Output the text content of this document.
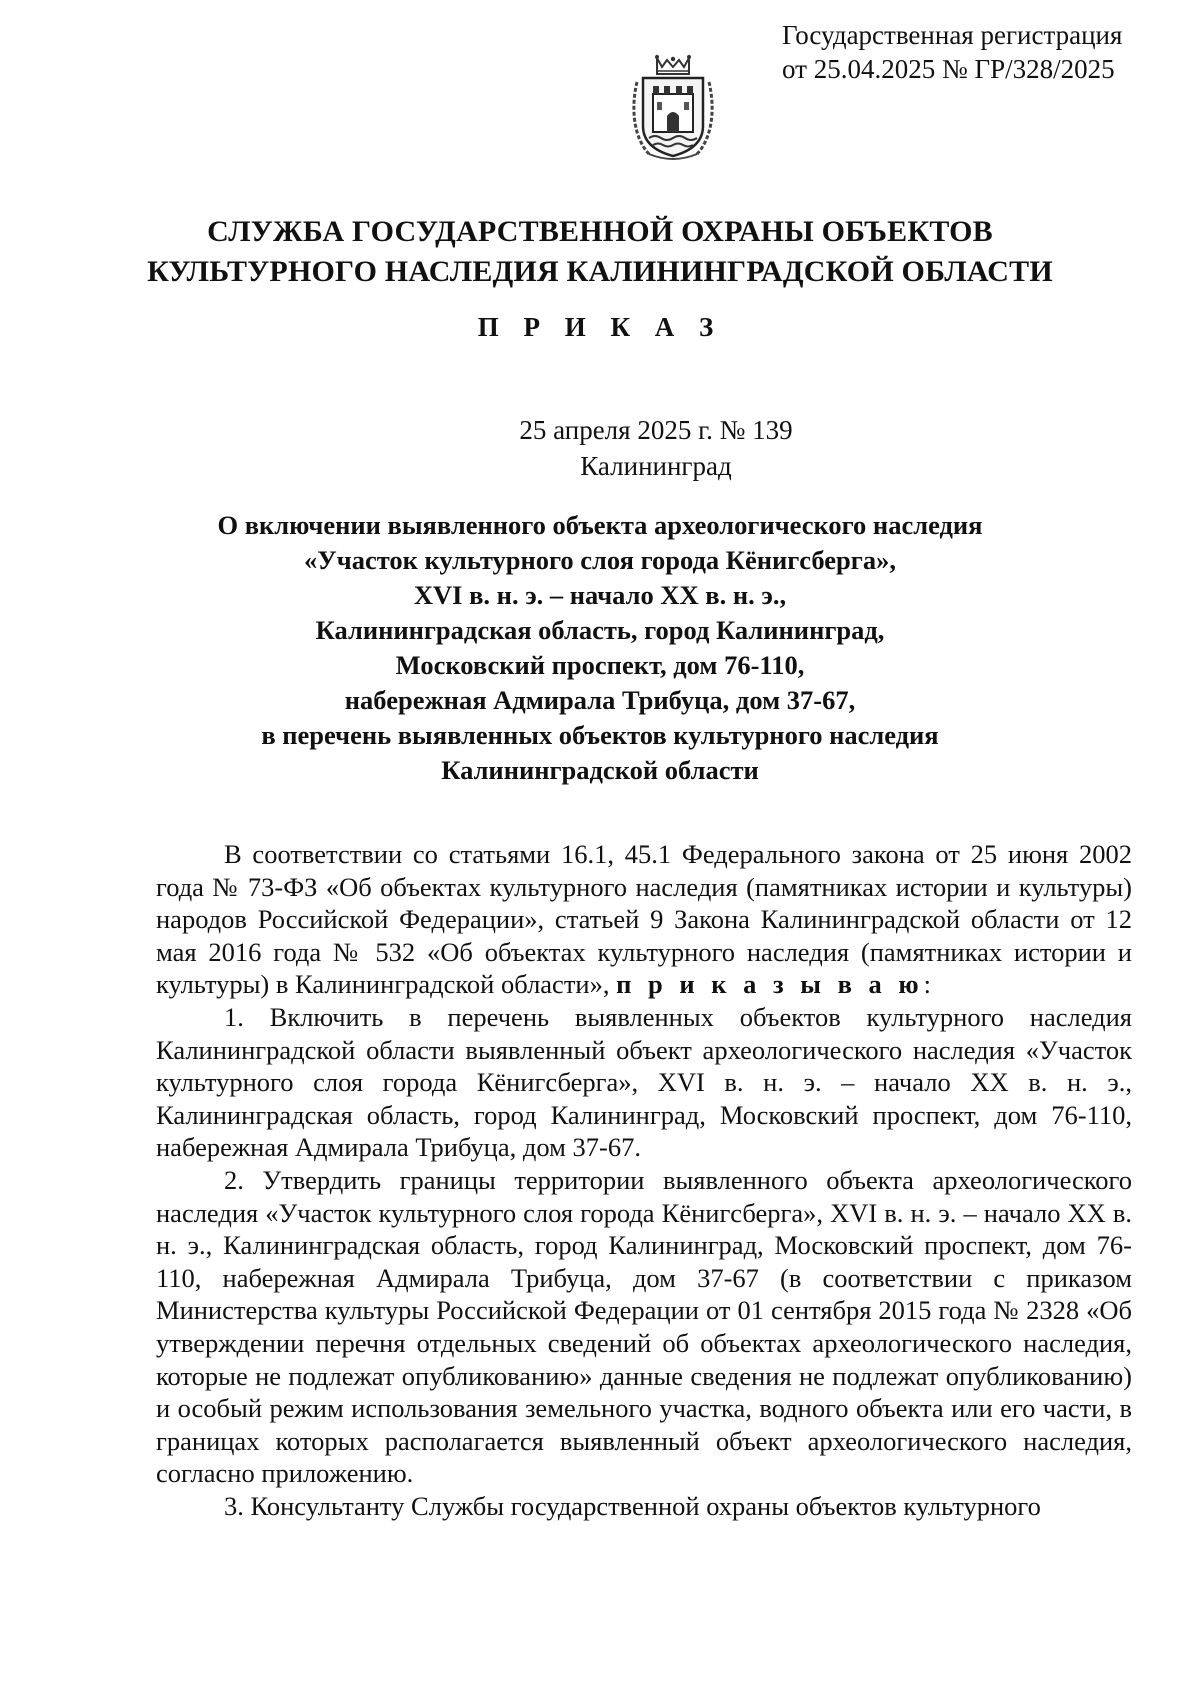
Государственная регистрация

от 25.04.2025 № ГР/328/2025

СЛУЖБА ГОСУДАРСТВЕННОЙ ОХРАНЫ ОБЪЕКТОВ

КУЛЬТУРНОГО НАСЛЕДИЯ КАЛИНИНГРАДСКОЙ ОБЛАСТИ

П Р И К А З

25 апреля 2025 г. № 139

Калининград

О включении выявленного объекта археологического наследия

«Участок культурного слоя города Кёнигсберга»,

XVI в. н. э. – начало XX в. н. э.,

Калининградская область, город Калининград,

Московский проспект, дом 76-110,

набережная Адмирала Трибуца, дом 37-67,

в перечень выявленных объектов культурного наследия

Калининградской области

В соответствии со статьями 16.1, 45.1 Федерального закона от 25 июня 2002 года № 73-ФЗ «Об объектах культурного наследия (памятниках истории и культуры) народов Российской Федерации», статьей 9 Закона Калининградской области от 12 мая 2016 года № 532 «Об объектах культурного наследия (памятниках истории и культуры) в Калининградской области», п р и к а з ы в а ю:

1. Включить в перечень выявленных объектов культурного наследия Калининградской области выявленный объект археологического наследия «Участок культурного слоя города Кёнигсберга», XVI в. н. э. – начало XX в. н. э., Калининградская область, город Калининград, Московский проспект, дом 76-110, набережная Адмирала Трибуца, дом 37-67.

2. Утвердить границы территории выявленного объекта археологического наследия «Участок культурного слоя города Кёнигсберга», XVI в. н. э. – начало XX в. н. э., Калининградская область, город Калининград, Московский проспект, дом 76-110, набережная Адмирала Трибуца, дом 37-67 (в соответствии с приказом Министерства культуры Российской Федерации от 01 сентября 2015 года № 2328 «Об утверждении перечня отдельных сведений об объектах археологического наследия, которые не подлежат опубликованию» данные сведения не подлежат опубликованию) и особый режим использования земельного участка, водного объекта или его части, в границах которых располагается выявленный объект археологического наследия, согласно приложению.

3. Консультанту Службы государственной охраны объектов культурного
